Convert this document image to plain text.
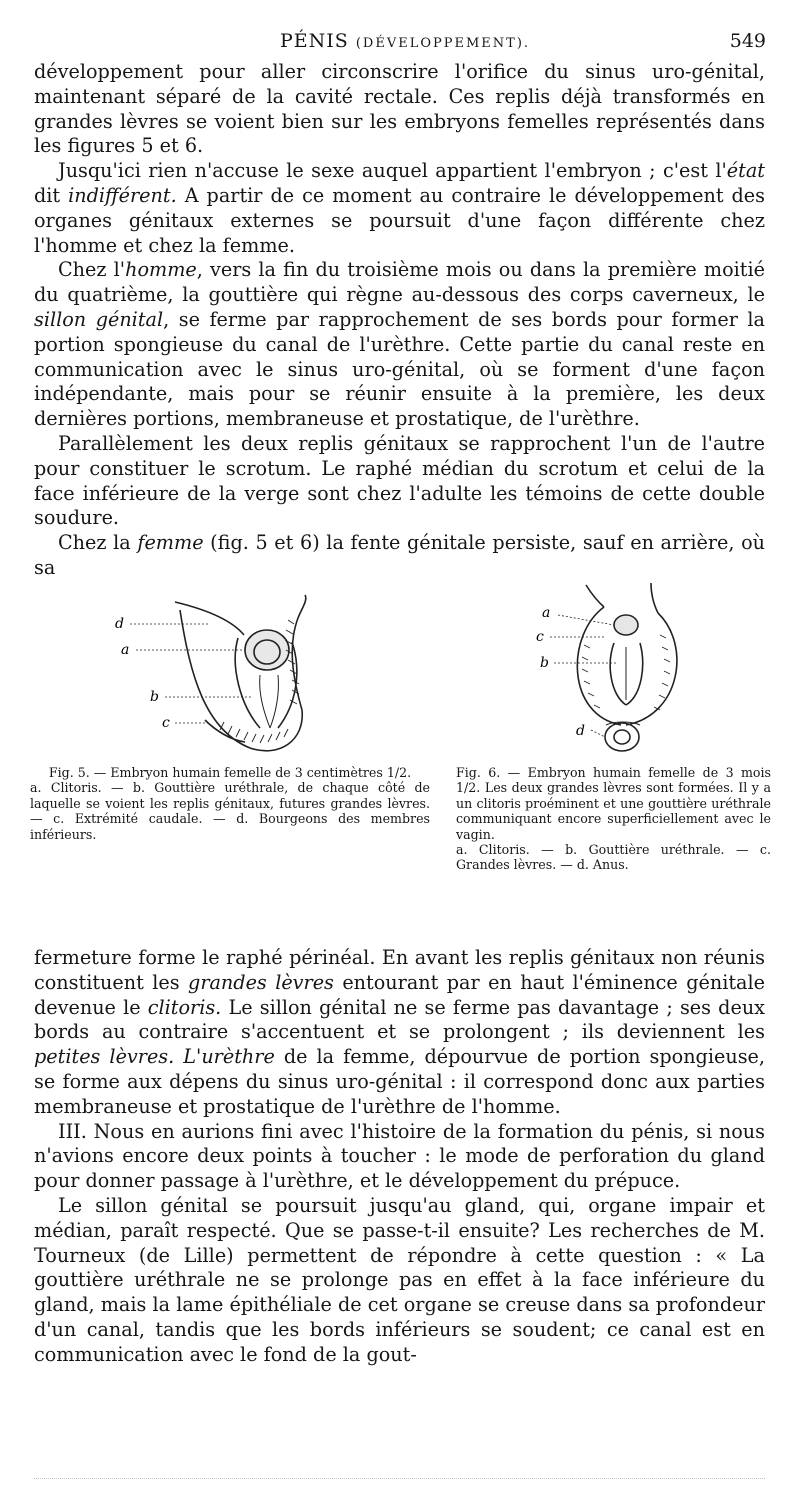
PÉNIS (DÉVELOPPEMENT).	549

développement pour aller circonscrire l'orifice du sinus uro-génital, maintenant séparé de la cavité rectale. Ces replis déjà transformés en grandes lèvres se voient bien sur les embryons femelles représentés dans les figures 5 et 6.

Jusqu'ici rien n'accuse le sexe auquel appartient l'embryon ; c'est l'état dit indifférent. A partir de ce moment au contraire le développement des organes génitaux externes se poursuit d'une façon différente chez l'homme et chez la femme.

Chez l'homme, vers la fin du troisième mois ou dans la première moitié du quatrième, la gouttière qui règne au-dessous des corps caverneux, le sillon génital, se ferme par rapprochement de ses bords pour former la portion spongieuse du canal de l'urèthre. Cette partie du canal reste en communication avec le sinus uro-génital, où se forment d'une façon indépendante, mais pour se réunir ensuite à la première, les deux dernières portions, membraneuse et prostatique, de l'urèthre.

Parallèlement les deux replis génitaux se rapprochent l'un de l'autre pour constituer le scrotum. Le raphé médian du scrotum et celui de la face inférieure de la verge sont chez l'adulte les témoins de cette double soudure.

Chez la femme (fig. 5 et 6) la fente génitale persiste, sauf en arrière, où sa

d
a
b
c
Fig. 5. — Embryon humain femelle de 3 centimètres 1/2.

a. Clitoris. — b. Gouttière uréthrale, de chaque côté de laquelle se voient les replis génitaux, futures grandes lèvres. — c. Extrémité caudale. — d. Bourgeons des membres inférieurs.

a
c
b
d

Fig. 6. — Embryon humain femelle de 3 mois 1/2. Les deux grandes lèvres sont formées. Il y a un clitoris proéminent et une gouttière uréthrale communiquant encore superficiellement avec le vagin.

a. Clitoris. — b. Gouttière uréthrale. — c. Grandes lèvres. — d. Anus.

fermeture forme le raphé périnéal. En avant les replis génitaux non réunis constituent les grandes lèvres entourant par en haut l'éminence génitale devenue le clitoris. Le sillon génital ne se ferme pas davantage ; ses deux bords au contraire s'accentuent et se prolongent ; ils deviennent les petites lèvres. L'urèthre de la femme, dépourvue de portion spongieuse, se forme aux dépens du sinus uro-génital : il correspond donc aux parties membraneuse et prostatique de l'urèthre de l'homme.

III. Nous en aurions fini avec l'histoire de la formation du pénis, si nous n'avions encore deux points à toucher : le mode de perforation du gland pour donner passage à l'urèthre, et le développement du prépuce.

Le sillon génital se poursuit jusqu'au gland, qui, organe impair et médian, paraît respecté. Que se passe-t-il ensuite? Les recherches de M. Tourneux (de Lille) permettent de répondre à cette question : « La gouttière uréthrale ne se prolonge pas en effet à la face inférieure du gland, mais la lame épithéliale de cet organe se creuse dans sa profondeur d'un canal, tandis que les bords inférieurs se soudent; ce canal est en communication avec le fond de la gout-
